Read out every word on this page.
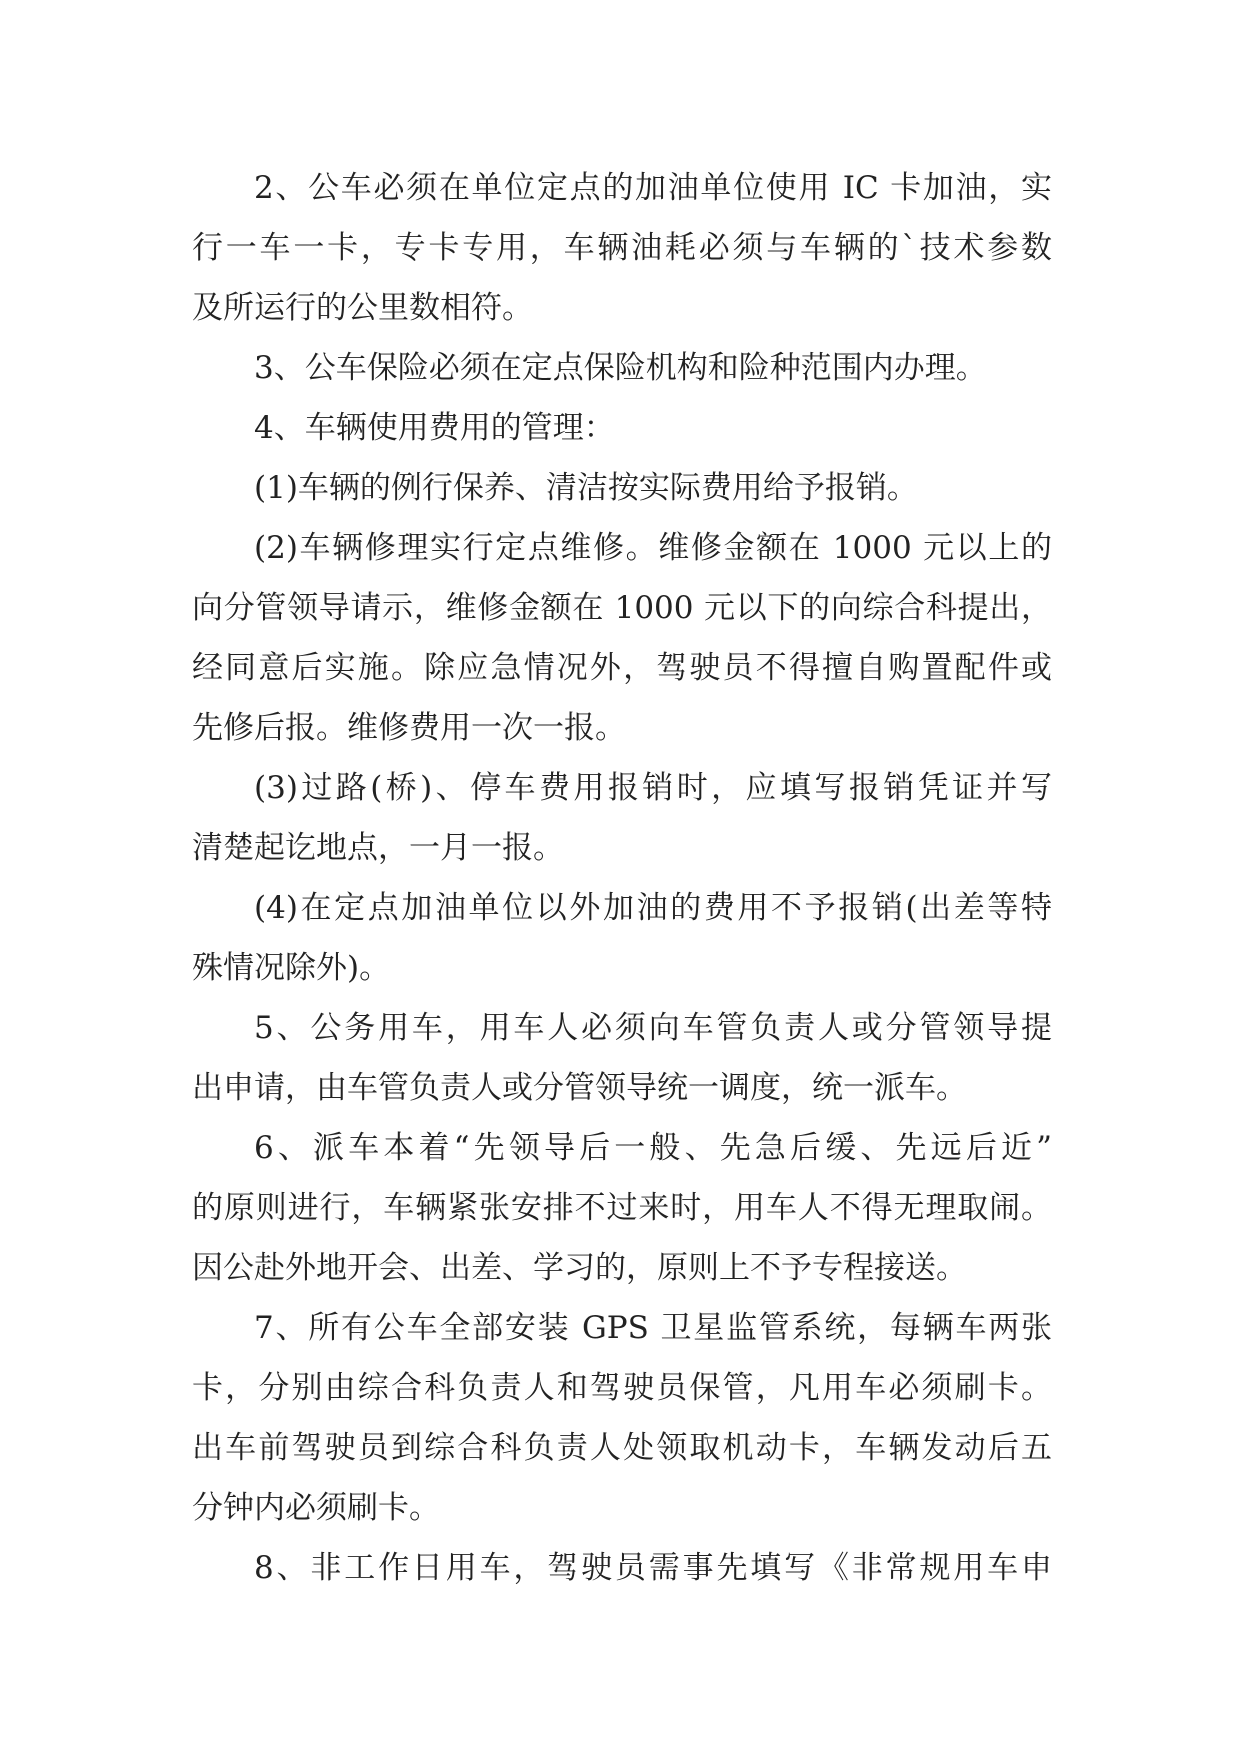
2、公车必须在单位定点的加油单位使用 IC 卡加油，实
行一车一卡，专卡专用，车辆油耗必须与车辆的`技术参数
及所运行的公里数相符。
3、公车保险必须在定点保险机构和险种范围内办理。
4、车辆使用费用的管理：
(1)车辆的例行保养、清洁按实际费用给予报销。
(2)车辆修理实行定点维修。维修金额在 1000 元以上的
向分管领导请示，维修金额在 1000 元以下的向综合科提出，
经同意后实施。除应急情况外，驾驶员不得擅自购置配件或
先修后报。维修费用一次一报。
(3)过路(桥)、停车费用报销时，应填写报销凭证并写
清楚起讫地点，一月一报。
(4)在定点加油单位以外加油的费用不予报销(出差等特
殊情况除外)。
5、公务用车，用车人必须向车管负责人或分管领导提
出申请，由车管负责人或分管领导统一调度，统一派车。
6、派车本着“先领导后一般、先急后缓、先远后近”
的原则进行，车辆紧张安排不过来时，用车人不得无理取闹。
因公赴外地开会、出差、学习的，原则上不予专程接送。
7、所有公车全部安装 GPS 卫星监管系统，每辆车两张
卡，分别由综合科负责人和驾驶员保管，凡用车必须刷卡。
出车前驾驶员到综合科负责人处领取机动卡，车辆发动后五
分钟内必须刷卡。
8、非工作日用车，驾驶员需事先填写《非常规用车申
